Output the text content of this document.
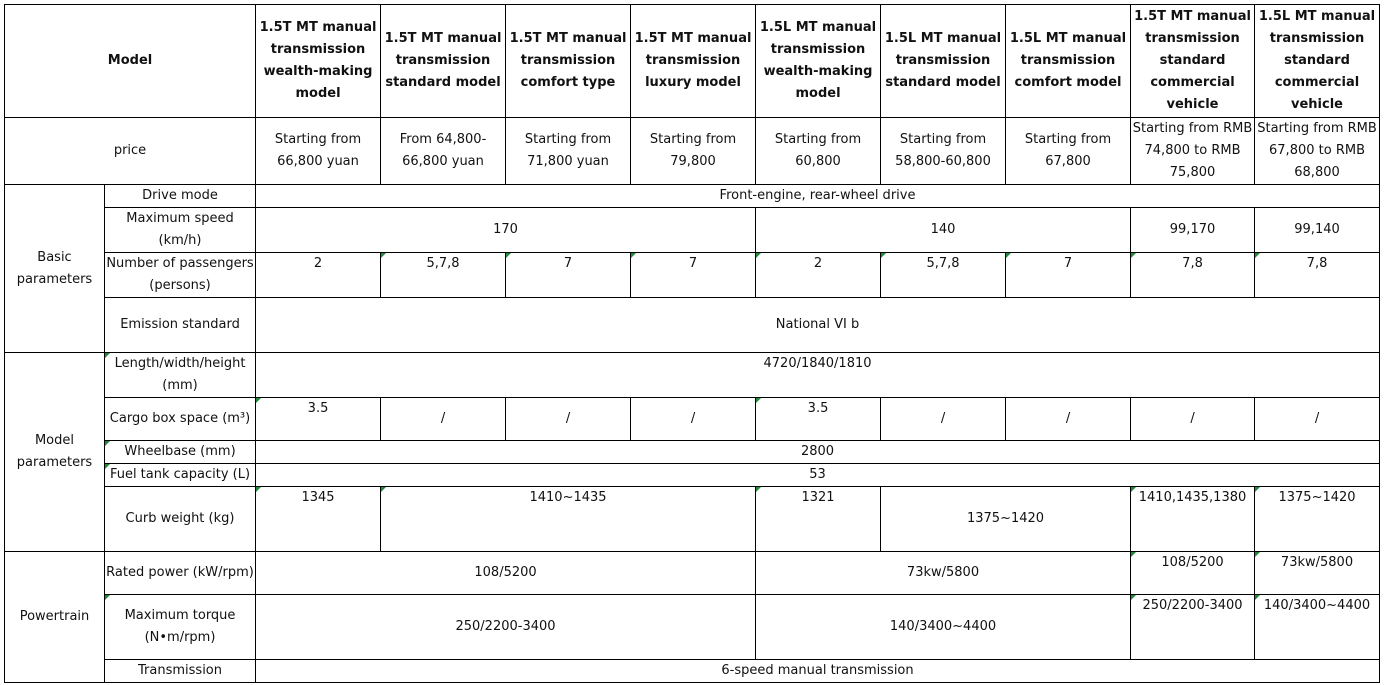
Model		1.5T MT manual transmission wealth-making model	1.5T MT manual transmission standard model	1.5T MT manual transmission comfort type	1.5T MT manual transmission luxury model	1.5L MT manual transmission wealth-making model	1.5L MT manual transmission standard model	1.5L MT manual transmission comfort model	1.5T MT manual transmission standard commercial vehicle	1.5L MT manual transmission standard commercial vehicle
price		Starting from 66,800 yuan	From 64,800-66,800 yuan	Starting from 71,800 yuan	Starting from 79,800	Starting from 60,800	Starting from 58,800-60,800	Starting from 67,800	Starting from RMB 74,800 to RMB 75,800	Starting from RMB 67,800 to RMB 68,800
Basic parameters	Drive mode	Front-engine, rear-wheel drive								
	Maximum speed (km/h)	170				140			99,170	99,140
	Number of passengers (persons)	2	5,7,8	7	7	2	5,7,8	7	7,8	7,8
	Emission standard	National VI b								
Model parameters	Length/width/height (mm)	4720/1840/1810								
	Cargo box space (m³)	3.5	/	/	/	3.5	/	/	/	/
	Wheelbase (mm)	2800								
	Fuel tank capacity (L)	53								
	Curb weight (kg)	1345	1410~1435			1321	1375~1420		1410,1435,1380	1375~1420
Powertrain	Rated power (kW/rpm)	108/5200				73kw/5800			108/5200	73kw/5800
	Maximum torque (N•m/rpm)	250/2200-3400				140/3400~4400			250/2200-3400	140/3400~4400
	Transmission	6-speed manual transmission								
